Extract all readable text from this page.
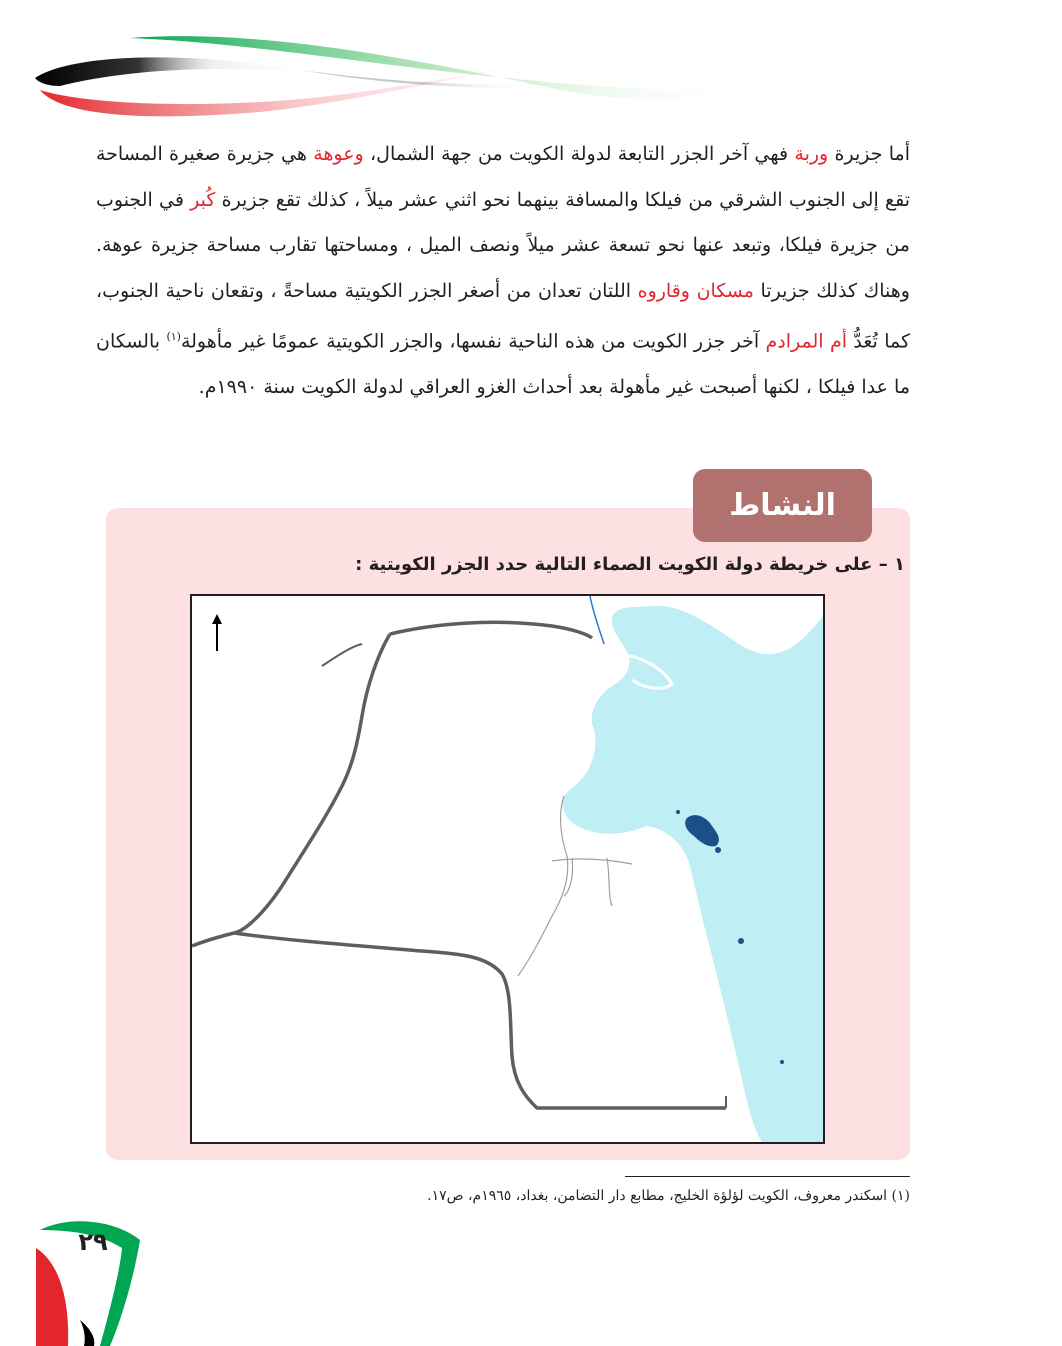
أما جزيرة وربة فهي آخر الجزر التابعة لدولة الكويت من جهة الشمال، وعوهة هي جزيرة صغيرة المساحة تقع إلى الجنوب الشرقي من فيلكا والمسافة بينهما نحو اثني عشر ميلاً ، كذلك تقع جزيرة كُبر في الجنوب من جزيرة فيلكا، وتبعد عنها نحو تسعة عشر ميلاً ونصف الميل ، ومساحتها تقارب مساحة جزيرة عوهة. وهناك كذلك جزيرتا مسكان وقاروه اللتان تعدان من أصغر الجزر الكويتية مساحةً ، وتقعان ناحية الجنوب، كما تُعَدُّ أم المرادم آخر جزر الكويت من هذه الناحية نفسها، والجزر الكويتية عمومًا غير مأهولة$^{(١)}$ بالسكان ما عدا فيلكا ، لكنها أصبحت غير مأهولة بعد أحداث الغزو العراقي لدولة الكويت سنة ١٩٩٠م.
النشاط
١ – على خريطة دولة الكويت الصماء التالية حدد الجزر الكويتية :
(١) اسكندر معروف، الكويت لؤلؤة الخليج، مطابع دار التضامن، بغداد، ١٩٦٥م، ص١٧.
٢٩
